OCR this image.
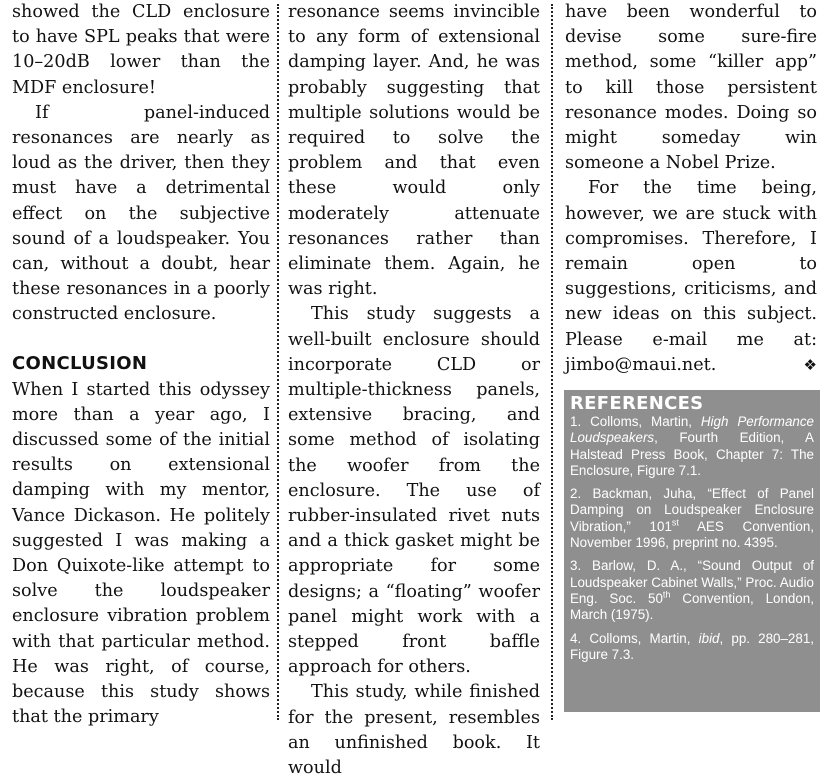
showed the CLD enclosure to have SPL peaks that were 10–20dB lower than the MDF enclosure!

If panel-induced resonances are nearly as loud as the driver, then they must have a detrimental effect on the subjective sound of a loudspeaker. You can, without a doubt, hear these resonances in a poorly constructed enclosure.

CONCLUSION

When I started this odyssey more than a year ago, I discussed some of the initial results on extensional damping with my mentor, Vance Dickason. He politely suggested I was making a Don Quixote-like attempt to solve the loudspeaker enclosure vibration problem with that particular method. He was right, of course, because this study shows that the primary

resonance seems invincible to any form of extensional damping layer. And, he was probably suggesting that multiple solutions would be required to solve the problem and that even these would only moderately attenuate resonances rather than eliminate them. Again, he was right.

This study suggests a well-built enclosure should incorporate CLD or multiple-thickness panels, extensive bracing, and some method of isolating the woofer from the enclosure. The use of rubber-insulated rivet nuts and a thick gasket might be appropriate for some designs; a “floating” woofer panel might work with a stepped front baffle approach for others.

This study, while finished for the present, resembles an unfinished book. It would

have been wonderful to devise some sure-fire method, some “killer app” to kill those persistent resonance modes. Doing so might someday win someone a Nobel Prize.

For the time being, however, we are stuck with compromises. Therefore, I remain open to suggestions, criticisms, and new ideas on this subject. Please e-mail me at: jimbo@maui.net.	❖

REFERENCES

1. Colloms, Martin, High Performance Loudspeakers, Fourth Edition, A Halstead Press Book, Chapter 7: The Enclosure, Figure 7.1.

2. Backman, Juha, “Effect of Panel Damping on Loudspeaker Enclosure Vibration,” 101st AES Convention, November 1996, preprint no. 4395.

3. Barlow, D. A., “Sound Output of Loudspeaker Cabinet Walls,” Proc. Audio Eng. Soc. 50th Convention, London, March (1975).

4. Colloms, Martin, ibid, pp. 280–281, Figure 7.3.
